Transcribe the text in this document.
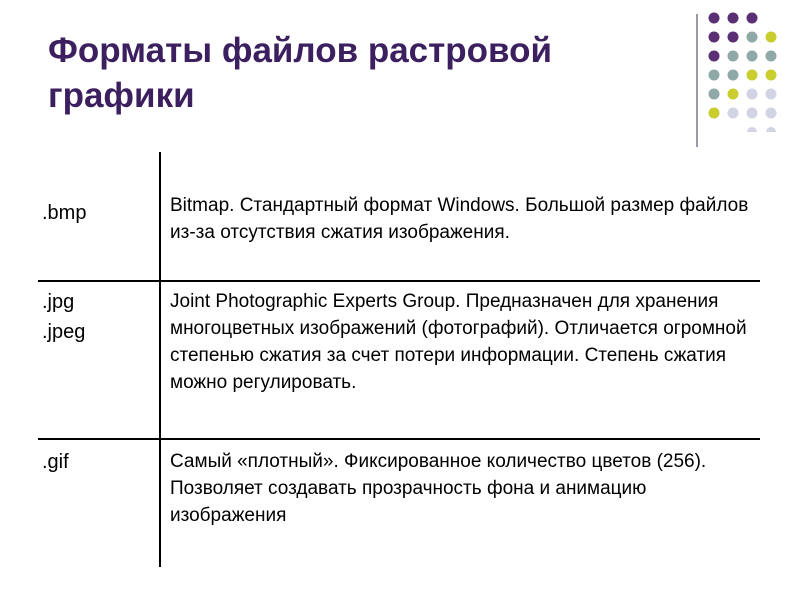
Форматы файлов растровой графики

.bmp	Bitmap. Стандартный формат Windows. Большой размер файлов из-за отсутствия сжатия изображения.

.jpg
.jpeg

Joint Photographic Experts Group. Предназначен для хранения многоцветных изображений (фотографий). Отличается огромной степенью сжатия за счет потери информации. Степень сжатия можно регулировать.

.gif	Самый «плотный». Фиксированное количество цветов (256). Позволяет создавать прозрачность фона и анимацию изображения
